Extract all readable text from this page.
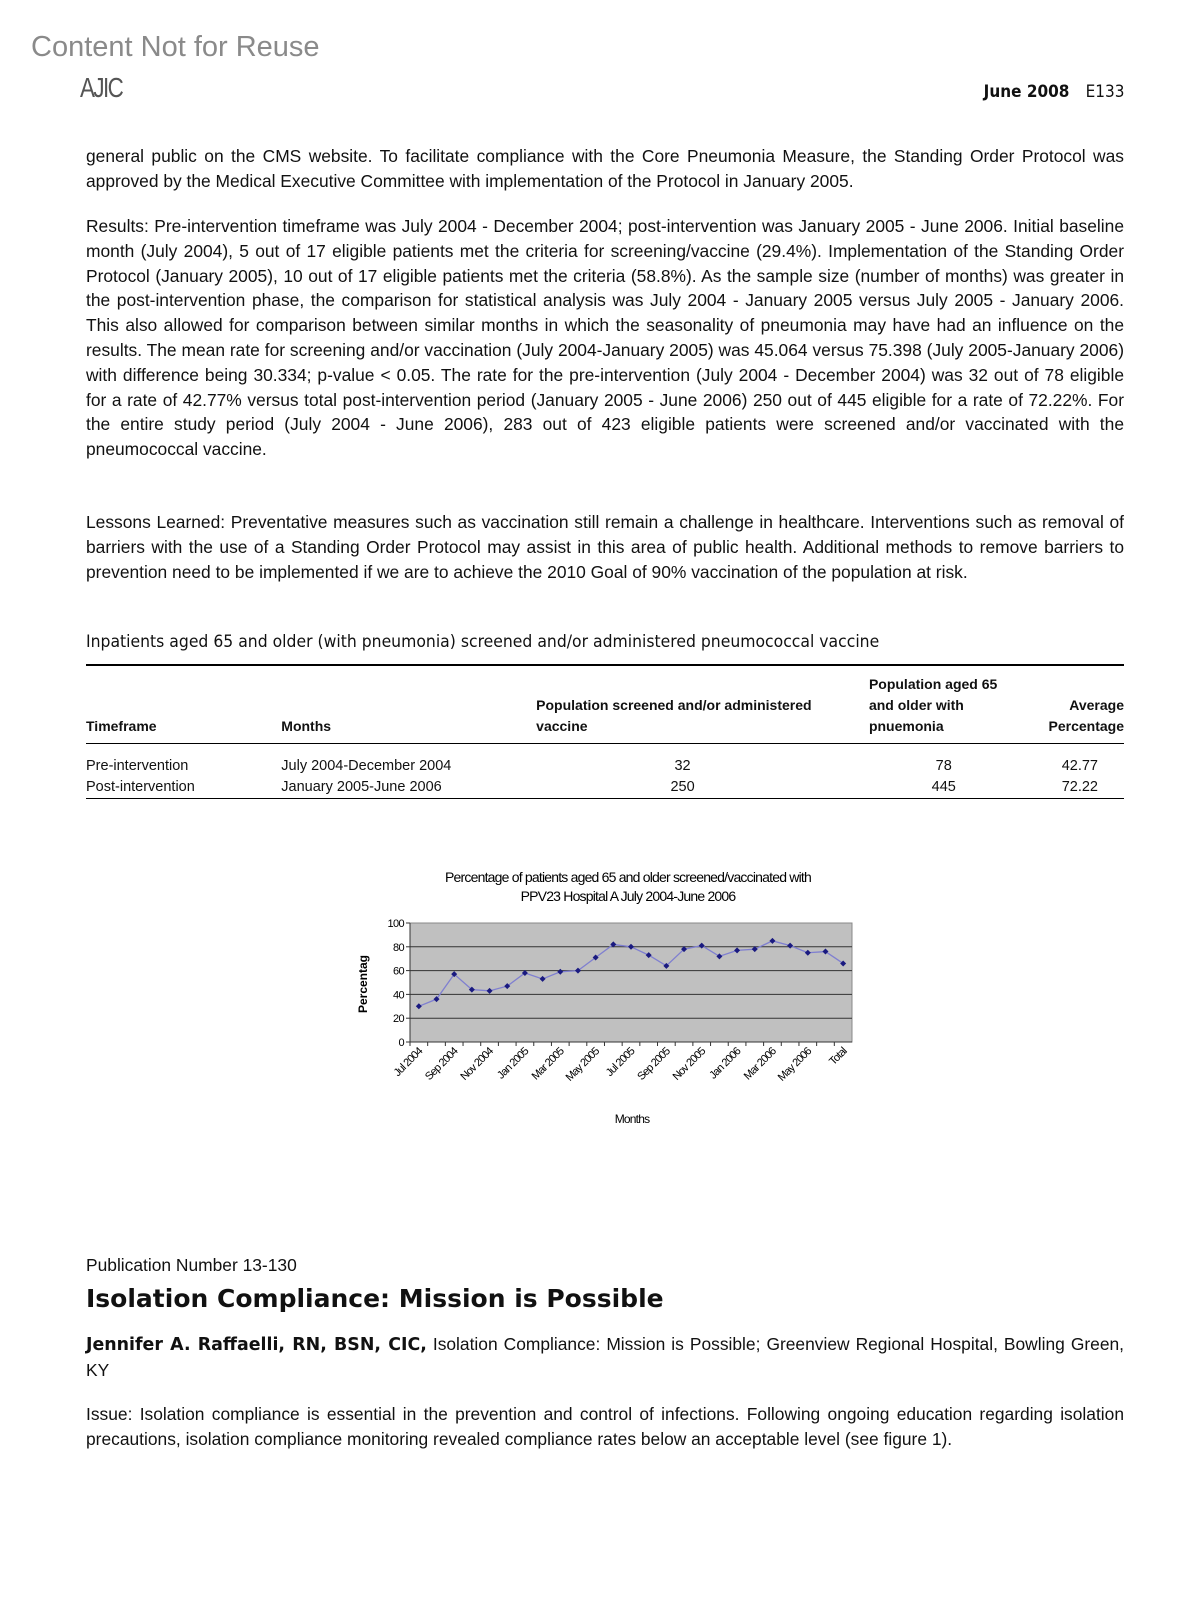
Content Not for Reuse
AJIC	June 2008 E133

general public on the CMS website. To facilitate compliance with the Core Pneumonia Measure, the Standing Order Protocol was approved by the Medical Executive Committee with implementation of the Protocol in January 2005.

Results: Pre-intervention timeframe was July 2004 - December 2004; post-intervention was January 2005 - June 2006. Initial baseline month (July 2004), 5 out of 17 eligible patients met the criteria for screening/vaccine (29.4%). Implementation of the Standing Order Protocol (January 2005), 10 out of 17 eligible patients met the criteria (58.8%). As the sample size (number of months) was greater in the post-intervention phase, the comparison for statistical analysis was July 2004 - January 2005 versus July 2005 - January 2006. This also allowed for comparison between similar months in which the seasonality of pneumonia may have had an influence on the results. The mean rate for screening and/or vaccination (July 2004-January 2005) was 45.064 versus 75.398 (July 2005-January 2006) with difference being 30.334; p-value < 0.05. The rate for the pre-intervention (July 2004 - December 2004) was 32 out of 78 eligible for a rate of 42.77% versus total post-intervention period (January 2005 - June 2006) 250 out of 445 eligible for a rate of 72.22%. For the entire study period (July 2004 - June 2006), 283 out of 423 eligible patients were screened and/or vaccinated with the pneumococcal vaccine.

Lessons Learned: Preventative measures such as vaccination still remain a challenge in healthcare. Interventions such as removal of barriers with the use of a Standing Order Protocol may assist in this area of public health. Additional methods to remove barriers to prevention need to be implemented if we are to achieve the 2010 Goal of 90% vaccination of the population at risk.

Inpatients aged 65 and older (with pneumonia) screened and/or administered pneumococcal vaccine
Timeframe	Months	Population screened and/or administered vaccine	Population aged 65 and older with pnuemonia	Average Percentage
Pre-intervention	July 2004-December 2004	32	78	42.77
Post-intervention	January 2005-June 2006	250	445	72.22
Percentage of patients aged 65 and older screened/vaccinated with
PPV23 Hospital A July 2004-June 2006
Percentag
Months
0
20
40
60
80
100
Jul 2004
Sep 2004
Nov 2004 Jan 2005
Mar 2005
May 2005 Jul 2005
Sep 2005
Nov 2005 Jan 2006
Mar 2006
May 2006 Total
Publication Number 13-130
Isolation Compliance: Mission is Possible

Jennifer A. Raffaelli, RN, BSN, CIC, Isolation Compliance: Mission is Possible; Greenview Regional Hospital, Bowling Green, KY

Issue: Isolation compliance is essential in the prevention and control of infections. Following ongoing education regarding isolation precautions, isolation compliance monitoring revealed compliance rates below an acceptable level (see figure 1).
